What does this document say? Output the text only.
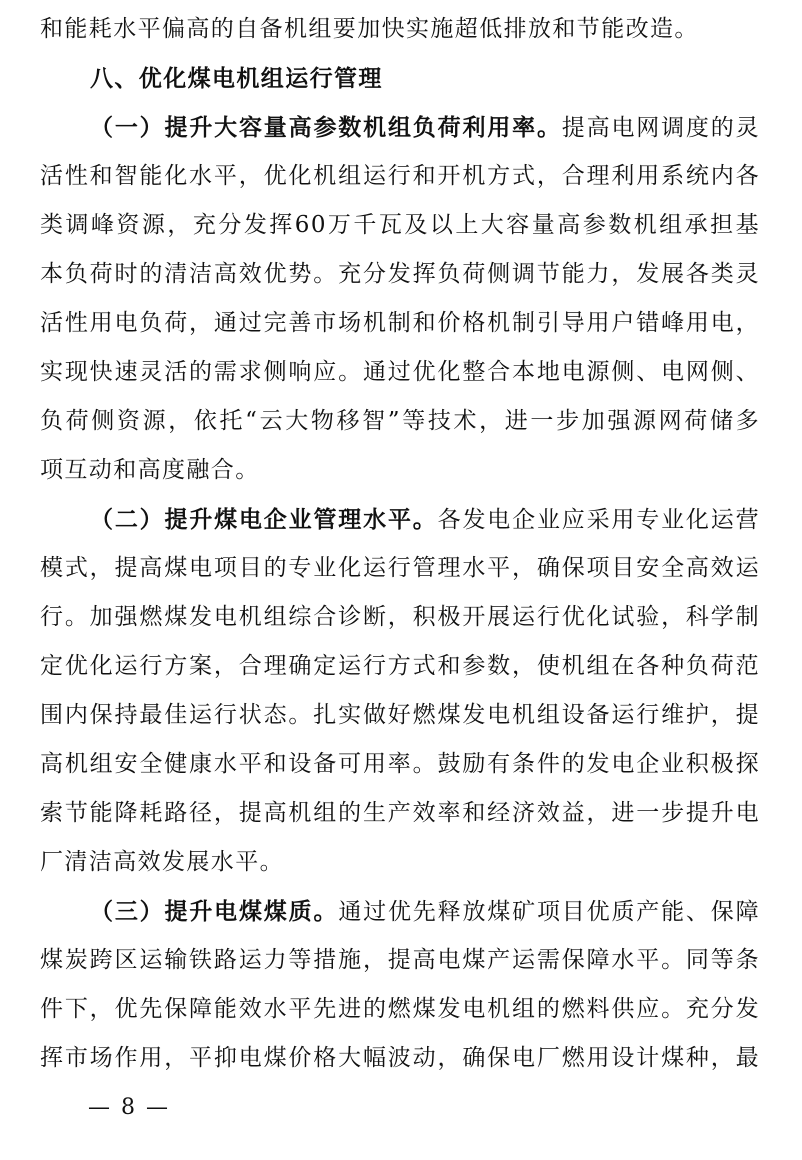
和能耗水平偏高的自备机组要加快实施超低排放和节能改造。
八、优化煤电机组运行管理
（一）提升大容量高参数机组负荷利用率。提高电网调度的灵
活性和智能化水平，优化机组运行和开机方式，合理利用系统内各
类调峰资源，充分发挥60万千瓦及以上大容量高参数机组承担基
本负荷时的清洁高效优势。充分发挥负荷侧调节能力，发展各类灵
活性用电负荷，通过完善市场机制和价格机制引导用户错峰用电，
实现快速灵活的需求侧响应。通过优化整合本地电源侧、电网侧、
负荷侧资源，依托“云大物移智”等技术，进一步加强源网荷储多
项互动和高度融合。
（二）提升煤电企业管理水平。各发电企业应采用专业化运营
模式，提高煤电项目的专业化运行管理水平，确保项目安全高效运
行。加强燃煤发电机组综合诊断，积极开展运行优化试验，科学制
定优化运行方案，合理确定运行方式和参数，使机组在各种负荷范
围内保持最佳运行状态。扎实做好燃煤发电机组设备运行维护，提
高机组安全健康水平和设备可用率。鼓励有条件的发电企业积极探
索节能降耗路径，提高机组的生产效率和经济效益，进一步提升电
厂清洁高效发展水平。
（三）提升电煤煤质。通过优先释放煤矿项目优质产能、保障
煤炭跨区运输铁路运力等措施，提高电煤产运需保障水平。同等条
件下，优先保障能效水平先进的燃煤发电机组的燃料供应。充分发
挥市场作用，平抑电煤价格大幅波动，确保电厂燃用设计煤种，最
— 8 —
